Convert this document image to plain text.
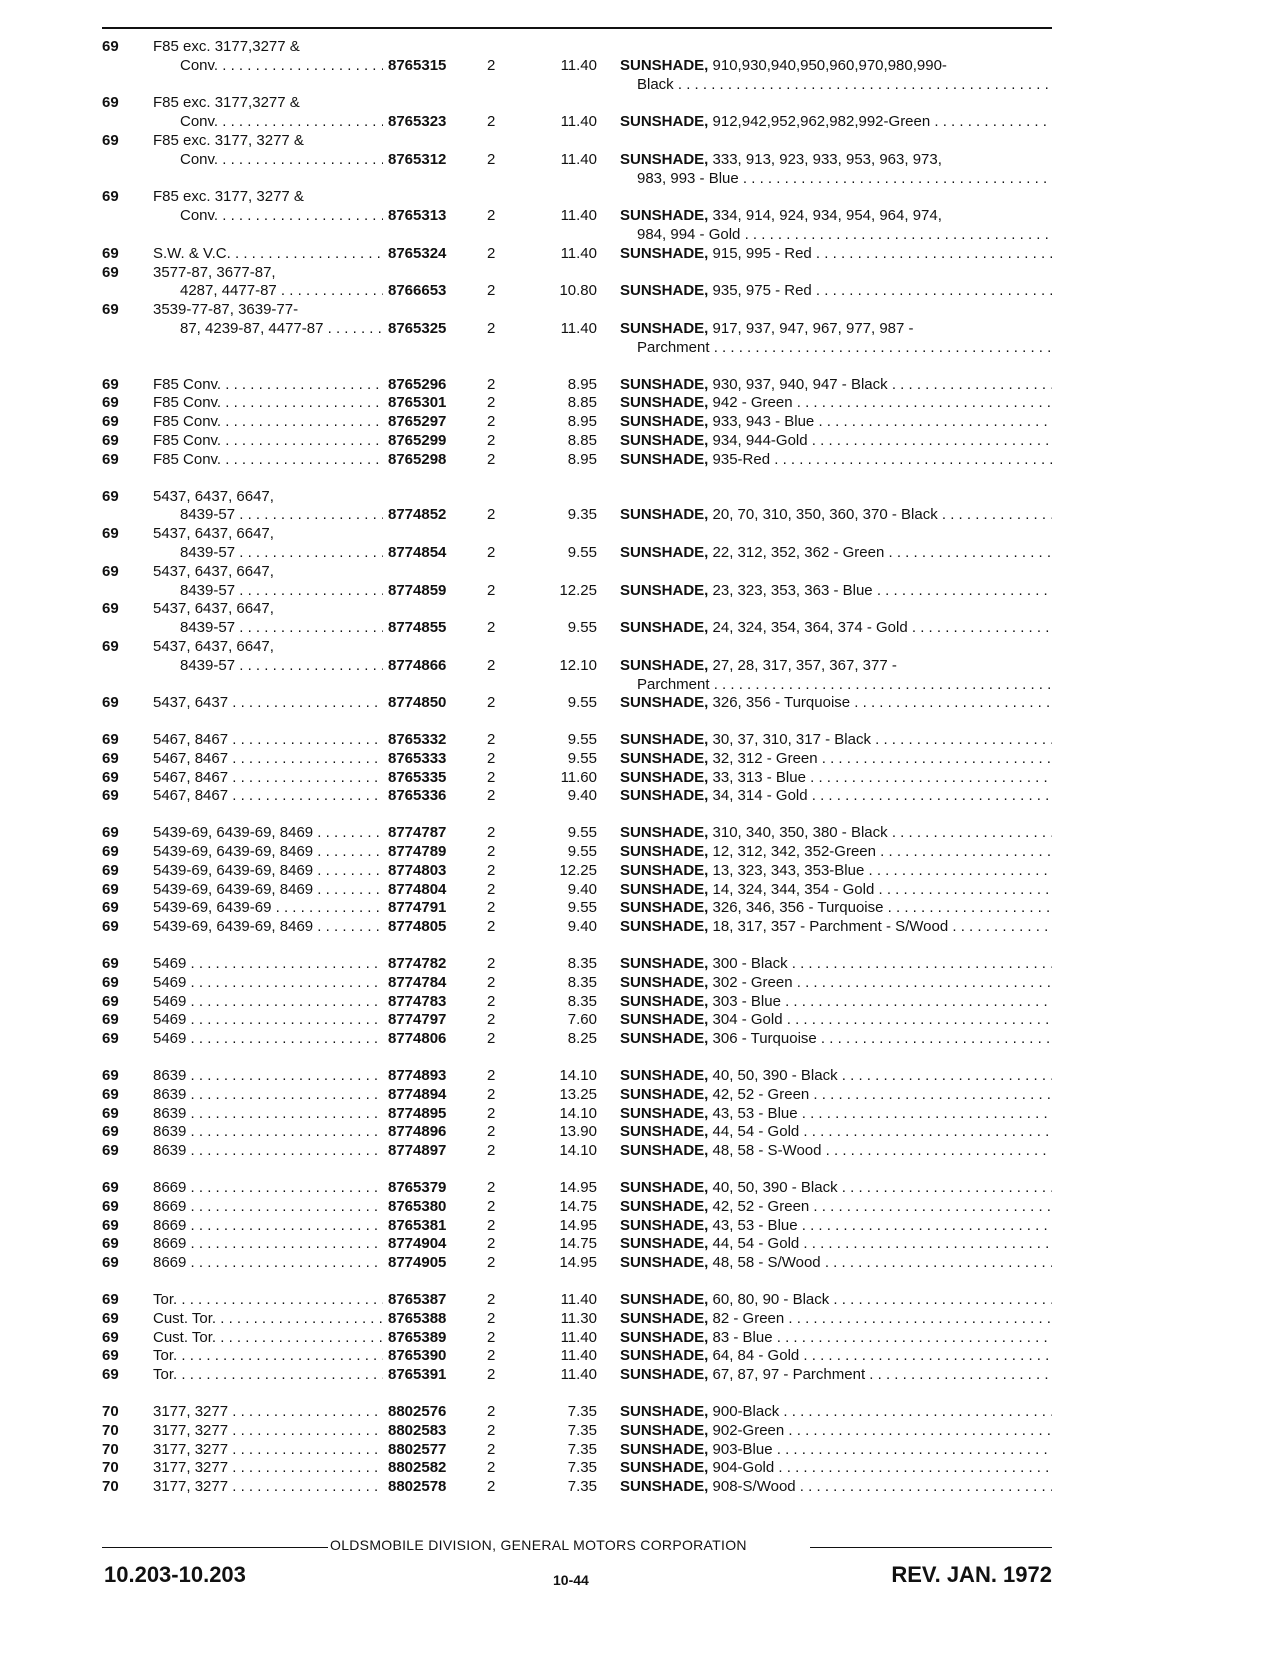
69	F85 exc. 3177,3277 &
Conv. . . .	8765315	2	11.40 SUNSHADE, 910,930,940,950,960,970,980,990-
Black . . .
69	F85 exc. 3177,3277 &
Conv. . . .	8765323	2	11.40 SUNSHADE, 912,942,952,962,982,992-Green . . .
69	F85 exc. 3177, 3277 &
Conv. . . .	8765312	2	11.40 SUNSHADE, 333, 913, 923, 933, 953, 963, 973,
983, 993 - Blue . . .
69	F85 exc. 3177, 3277 &
Conv. . . .	8765313	2	11.40 SUNSHADE, 334, 914, 924, 934, 954, 964, 974,
984, 994 - Gold . . .
69	S.W. & V.C. . . .	8765324	2	11.40 SUNSHADE, 915, 995 - Red . . .
69	3577-87, 3677-87,
4287, 4477-87 . . .	8766653	2	10.80 SUNSHADE, 935, 975 - Red . . .
69	3539-77-87, 3639-77-
87, 4239-87, 4477-87 . . .	8765325	2	11.40 SUNSHADE, 917, 937, 947, 967, 977, 987 -
Parchment . . .
69	F85 Conv. . . .	8765296	2	8.95 SUNSHADE, 930, 937, 940, 947 - Black . . .
69	F85 Conv. . . .	8765301	2	8.85 SUNSHADE, 942 - Green . . .
69	F85 Conv. . . .	8765297	2	8.95 SUNSHADE, 933, 943 - Blue . . .
69	F85 Conv. . . .	8765299	2	8.85 SUNSHADE, 934, 944-Gold . . .
69	F85 Conv. . . .	8765298	2	8.95 SUNSHADE, 935-Red . . .
69	5437, 6437, 6647,
8439-57 . . .	8774852	2	9.35 SUNSHADE, 20, 70, 310, 350, 360, 370 - Black . . .
69	5437, 6437, 6647,
8439-57 . . .	8774854	2	9.55 SUNSHADE, 22, 312, 352, 362 - Green . . .
69	5437, 6437, 6647,
8439-57 . . .	8774859	2	12.25 SUNSHADE, 23, 323, 353, 363 - Blue . . .
69	5437, 6437, 6647,
8439-57 . . .	8774855	2	9.55 SUNSHADE, 24, 324, 354, 364, 374 - Gold . . .
69	5437, 6437, 6647,
8439-57 . . .	8774866	2	12.10 SUNSHADE, 27, 28, 317, 357, 367, 377 -
Parchment . . .
69	5437, 6437 . . .	8774850	2	9.55 SUNSHADE, 326, 356 - Turquoise . . .
69	5467, 8467 . . .	8765332	2	9.55 SUNSHADE, 30, 37, 310, 317 - Black . . .
69	5467, 8467 . . .	8765333	2	9.55 SUNSHADE, 32, 312 - Green . . .
69	5467, 8467 . . .	8765335	2	11.60 SUNSHADE, 33, 313 - Blue . . .
69	5467, 8467 . . .	8765336	2	9.40 SUNSHADE, 34, 314 - Gold . . .
69	5439-69, 6439-69, 8469 . . .	8774787	2	9.55 SUNSHADE, 310, 340, 350, 380 - Black . . .
69	5439-69, 6439-69, 8469 . . .	8774789	2	9.55 SUNSHADE, 12, 312, 342, 352-Green . . .
69	5439-69, 6439-69, 8469 . . .	8774803	2	12.25 SUNSHADE, 13, 323, 343, 353-Blue . . .
69	5439-69, 6439-69, 8469 . . .	8774804	2	9.40 SUNSHADE, 14, 324, 344, 354 - Gold . . .
69	5439-69, 6439-69 . . .	8774791	2	9.55 SUNSHADE, 326, 346, 356 - Turquoise . . .
69	5439-69, 6439-69, 8469 . . .	8774805	2	9.40 SUNSHADE, 18, 317, 357 - Parchment - S/Wood . . .
69	5469 . . .	8774782	2	8.35 SUNSHADE, 300 - Black . . .
69	5469 . . .	8774784	2	8.35 SUNSHADE, 302 - Green . . .
69	5469 . . .	8774783	2	8.35 SUNSHADE, 303 - Blue . . .
69	5469 . . .	8774797	2	7.60 SUNSHADE, 304 - Gold . . .
69	5469 . . .	8774806	2	8.25 SUNSHADE, 306 - Turquoise . . .
69	8639 . . .	8774893	2	14.10 SUNSHADE, 40, 50, 390 - Black . . .
69	8639 . . .	8774894	2	13.25 SUNSHADE, 42, 52 - Green . . .
69	8639 . . .	8774895	2	14.10 SUNSHADE, 43, 53 - Blue . . .
69	8639 . . .	8774896	2	13.90 SUNSHADE, 44, 54 - Gold . . .
69	8639 . . .	8774897	2	14.10 SUNSHADE, 48, 58 - S-Wood . . .
69	8669 . . .	8765379	2	14.95 SUNSHADE, 40, 50, 390 - Black . . .
69	8669 . . .	8765380	2	14.75 SUNSHADE, 42, 52 - Green . . .
69	8669 . . .	8765381	2	14.95 SUNSHADE, 43, 53 - Blue . . .
69	8669 . . .	8774904	2	14.75 SUNSHADE, 44, 54 - Gold . . .
69	8669 . . .	8774905	2	14.95 SUNSHADE, 48, 58 - S/Wood . . .
69	Tor. . . .	8765387	2	11.40 SUNSHADE, 60, 80, 90 - Black . . .
69	Cust. Tor. . . .	8765388	2	11.30 SUNSHADE, 82 - Green . . .
69	Cust. Tor. . . .	8765389	2	11.40 SUNSHADE, 83 - Blue . . .
69	Tor. . . .	8765390	2	11.40 SUNSHADE, 64, 84 - Gold . . .
69	Tor. . . .	8765391	2	11.40 SUNSHADE, 67, 87, 97 - Parchment . . .
70	3177, 3277 . . .	8802576	2	7.35 SUNSHADE, 900-Black . . .
70	3177, 3277 . . .	8802583	2	7.35 SUNSHADE, 902-Green . . .
70	3177, 3277 . . .	8802577	2	7.35 SUNSHADE, 903-Blue . . .
70	3177, 3277 . . .	8802582	2	7.35 SUNSHADE, 904-Gold . . .
70	3177, 3277 . . .	8802578	2	7.35 SUNSHADE, 908-S/Wood . . .
OLDSMOBILE DIVISION, GENERAL MOTORS CORPORATION
10.203-10.203	10-44	REV. JAN. 1972
